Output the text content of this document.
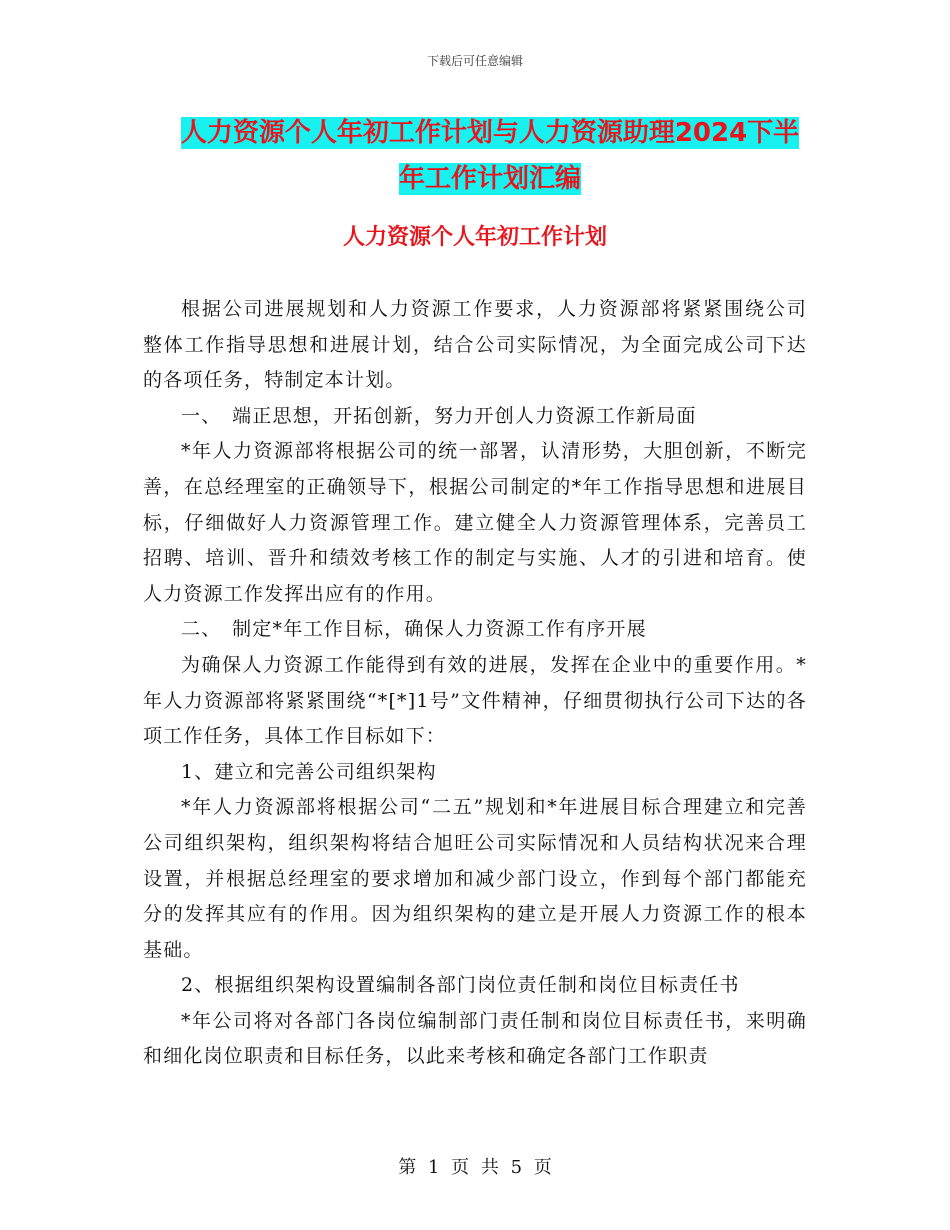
下载后可任意编辑
人力资源个人年初工作计划与人力资源助理2024下半
年工作计划汇编
人力资源个人年初工作计划

根据公司进展规划和人力资源工作要求，人力资源部将紧紧围绕公司整体工作指导思想和进展计划，结合公司实际情况，为全面完成公司下达的各项任务，特制定本计划。

一、　端正思想，开拓创新，努力开创人力资源工作新局面

*年人力资源部将根据公司的统一部署，认清形势，大胆创新，不断完善，在总经理室的正确领导下，根据公司制定的*年工作指导思想和进展目标，仔细做好人力资源管理工作。建立健全人力资源管理体系，完善员工招聘、培训、晋升和绩效考核工作的制定与实施、人才的引进和培育。使人力资源工作发挥出应有的作用。

二、　制定*年工作目标，确保人力资源工作有序开展

为确保人力资源工作能得到有效的进展，发挥在企业中的重要作用。*年人力资源部将紧紧围绕“*[*]1号”文件精神，仔细贯彻执行公司下达的各项工作任务，具体工作目标如下：

1、建立和完善公司组织架构

*年人力资源部将根据公司“二五”规划和*年进展目标合理建立和完善公司组织架构，组织架构将结合旭旺公司实际情况和人员结构状况来合理设置，并根据总经理室的要求增加和减少部门设立，作到每个部门都能充分的发挥其应有的作用。因为组织架构的建立是开展人力资源工作的根本基础。

2、根据组织架构设置编制各部门岗位责任制和岗位目标责任书

*年公司将对各部门各岗位编制部门责任制和岗位目标责任书，来明确和细化岗位职责和目标任务，以此来考核和确定各部门工作职责

第 1 页 共 5 页
